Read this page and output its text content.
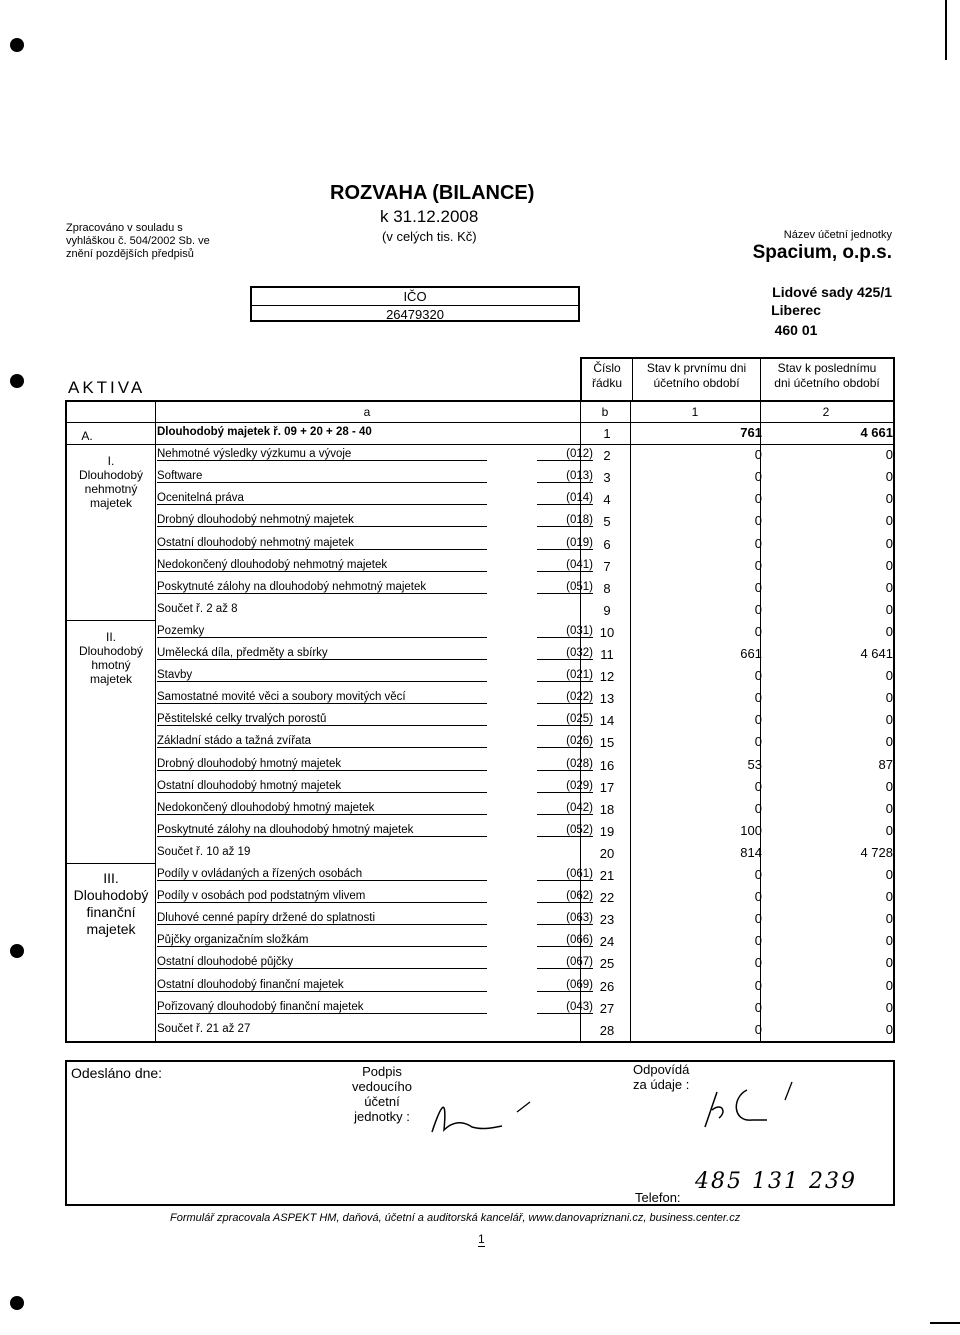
Zpracováno v souladu s
vyhláškou č. 504/2002 Sb. ve
znění pozdějších předpisů
ROZVAHA (BILANCE)
k 31.12.2008
(v celých tis. Kč)	Název účetní jednotky
Spacium, o.p.s.
IČO
26479320
Lidové sady 425/1
Liberec
460 01
AKTIVA
Číslo
řádku
Stav k prvnímu dni
účetního období
Stav k poslednímu
dni účetního období
a	b	1	2
A.
I.
Dlouhodobý
nehmotný
majetek
II.
Dlouhodobý
hmotný
majetek
III.
Dlouhodobý
finanční
majetek
Dlouhodobý majetek ř. 09 + 20 + 28 - 40	1	761	4 661
Nehmotné výsledky výzkumu a vývoje	(012) 2	0	0
Software	(013) 3	0	0
Ocenitelná práva	(014) 4	0	0
Drobný dlouhodobý nehmotný majetek	(018) 5	0	0
Ostatní dlouhodobý nehmotný majetek	(019) 6	0	0
Nedokončený dlouhodobý nehmotný majetek	(041) 7	0	0
Poskytnuté zálohy na dlouhodobý nehmotný majetek	(051) 8	0	0
Součet ř. 2 až 8	9	0	0
Pozemky	(031) 10	0	0
Umělecká díla, předměty a sbírky	(032) 11	661	4 641
Stavby	(021) 12	0	0
Samostatné movité věci a soubory movitých věcí	(022) 13	0	0
Pěstitelské celky trvalých porostů	(025) 14	0	0
Základní stádo a tažná zvířata	(026) 15	0	0
Drobný dlouhodobý hmotný majetek	(028) 16	53	87
Ostatní dlouhodobý hmotný majetek	(029) 17	0	0
Nedokončený dlouhodobý hmotný majetek	(042) 18	0	0
Poskytnuté zálohy na dlouhodobý hmotný majetek	(052) 19	100	0
Součet ř. 10 až 19	20	814	4 728
Podíly v ovládaných a řízených osobách	(061) 21	0	0
Podíly v osobách pod podstatným vlivem	(062) 22	0	0
Dluhové cenné papíry držené do splatnosti	(063) 23	0	0
Půjčky organizačním složkám	(066) 24	0	0
Ostatní dlouhodobé půjčky	(067) 25	0	0
Ostatní dlouhodobý finanční majetek	(069) 26	0	0
Pořizovaný dlouhodobý finanční majetek	(043) 27	0	0
Součet ř. 21 až 27	28	0	0
Odesláno dne:	Podpis
vedoucího
účetní
jednotky :
Odpovídá
za údaje :
Telefon:
485 131 239
Formulář zpracovala ASPEKT HM, daňová, účetní a auditorská kancelář, www.danovapriznani.cz, business.center.cz
1
